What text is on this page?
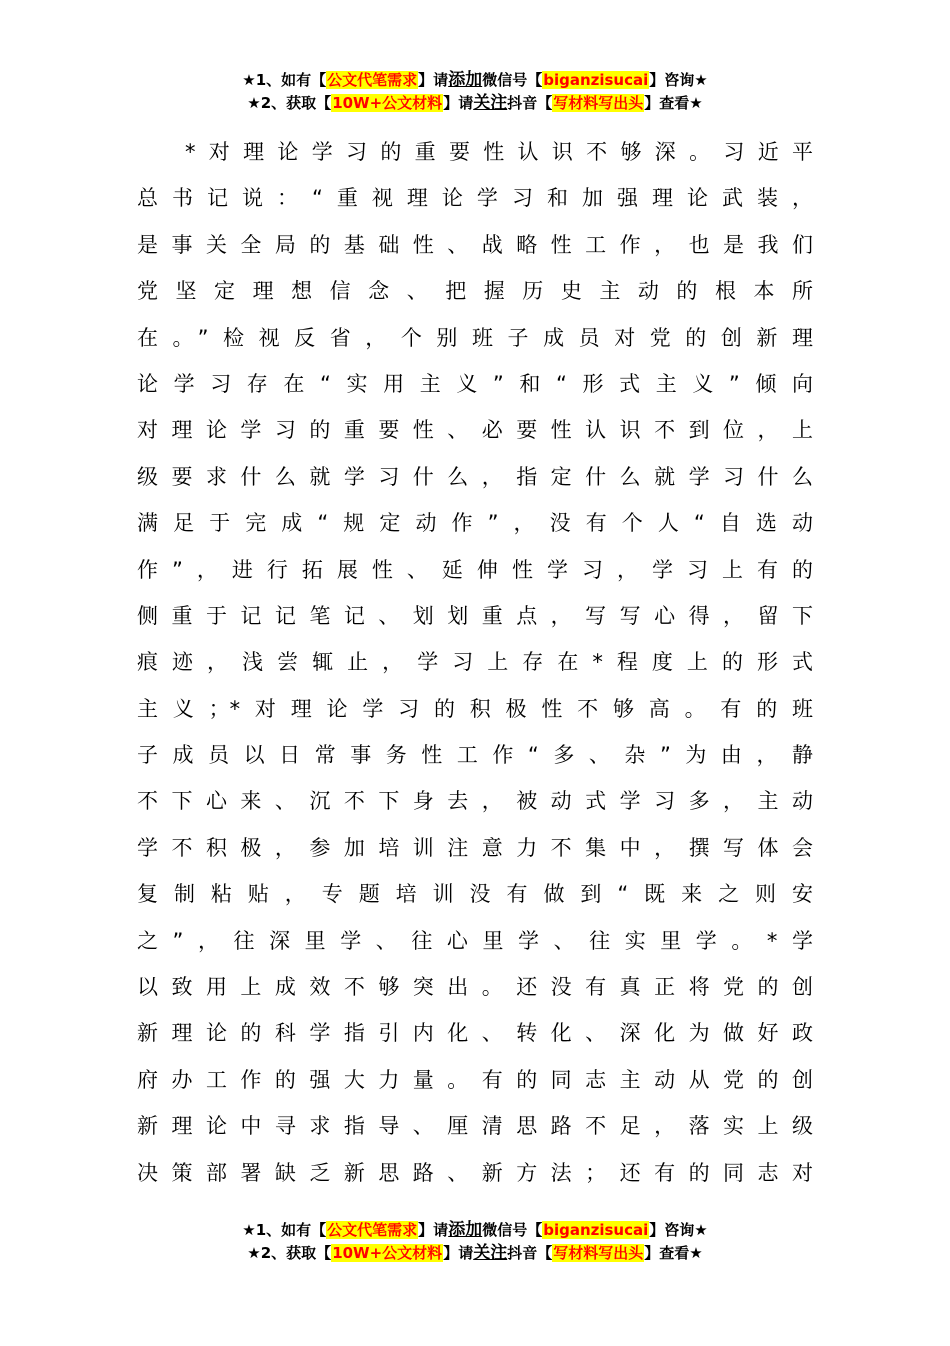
★1、如有【公文代笔需求】请添加微信号【biganzisucai】咨询★
★2、获取【10W+公文材料】请关注抖音【写材料写出头】查看★
*对理论学习的重要性认识不够深。习近平
总书记说：“重视理论学习和加强理论武装，
是事关全局的基础性、战略性工作，也是我们
党坚定理想信念、把握历史主动的根本所
在。”检视反省，个别班子成员对党的创新理
论学习存在“实用主义”和“形式主义”倾向
对理论学习的重要性、必要性认识不到位，上
级要求什么就学习什么，指定什么就学习什么
满足于完成“规定动作”，没有个人“自选动
作”，进行拓展性、延伸性学习，学习上有的
侧重于记记笔记、划划重点，写写心得，留下
痕迹，浅尝辄止，学习上存在*程度上的形式
主义；*对理论学习的积极性不够高。有的班
子成员以日常事务性工作“多、杂”为由，静
不下心来、沉不下身去，被动式学习多，主动
学不积极，参加培训注意力不集中，撰写体会
复制粘贴，专题培训没有做到“既来之则安
之”，往深里学、往心里学、往实里学。*学
以致用上成效不够突出。还没有真正将党的创
新理论的科学指引内化、转化、深化为做好政
府办工作的强大力量。有的同志主动从党的创
新理论中寻求指导、厘清思路不足，落实上级
决策部署缺乏新思路、新方法；还有的同志对
★1、如有【公文代笔需求】请添加微信号【biganzisucai】咨询★
★2、获取【10W+公文材料】请关注抖音【写材料写出头】查看★
